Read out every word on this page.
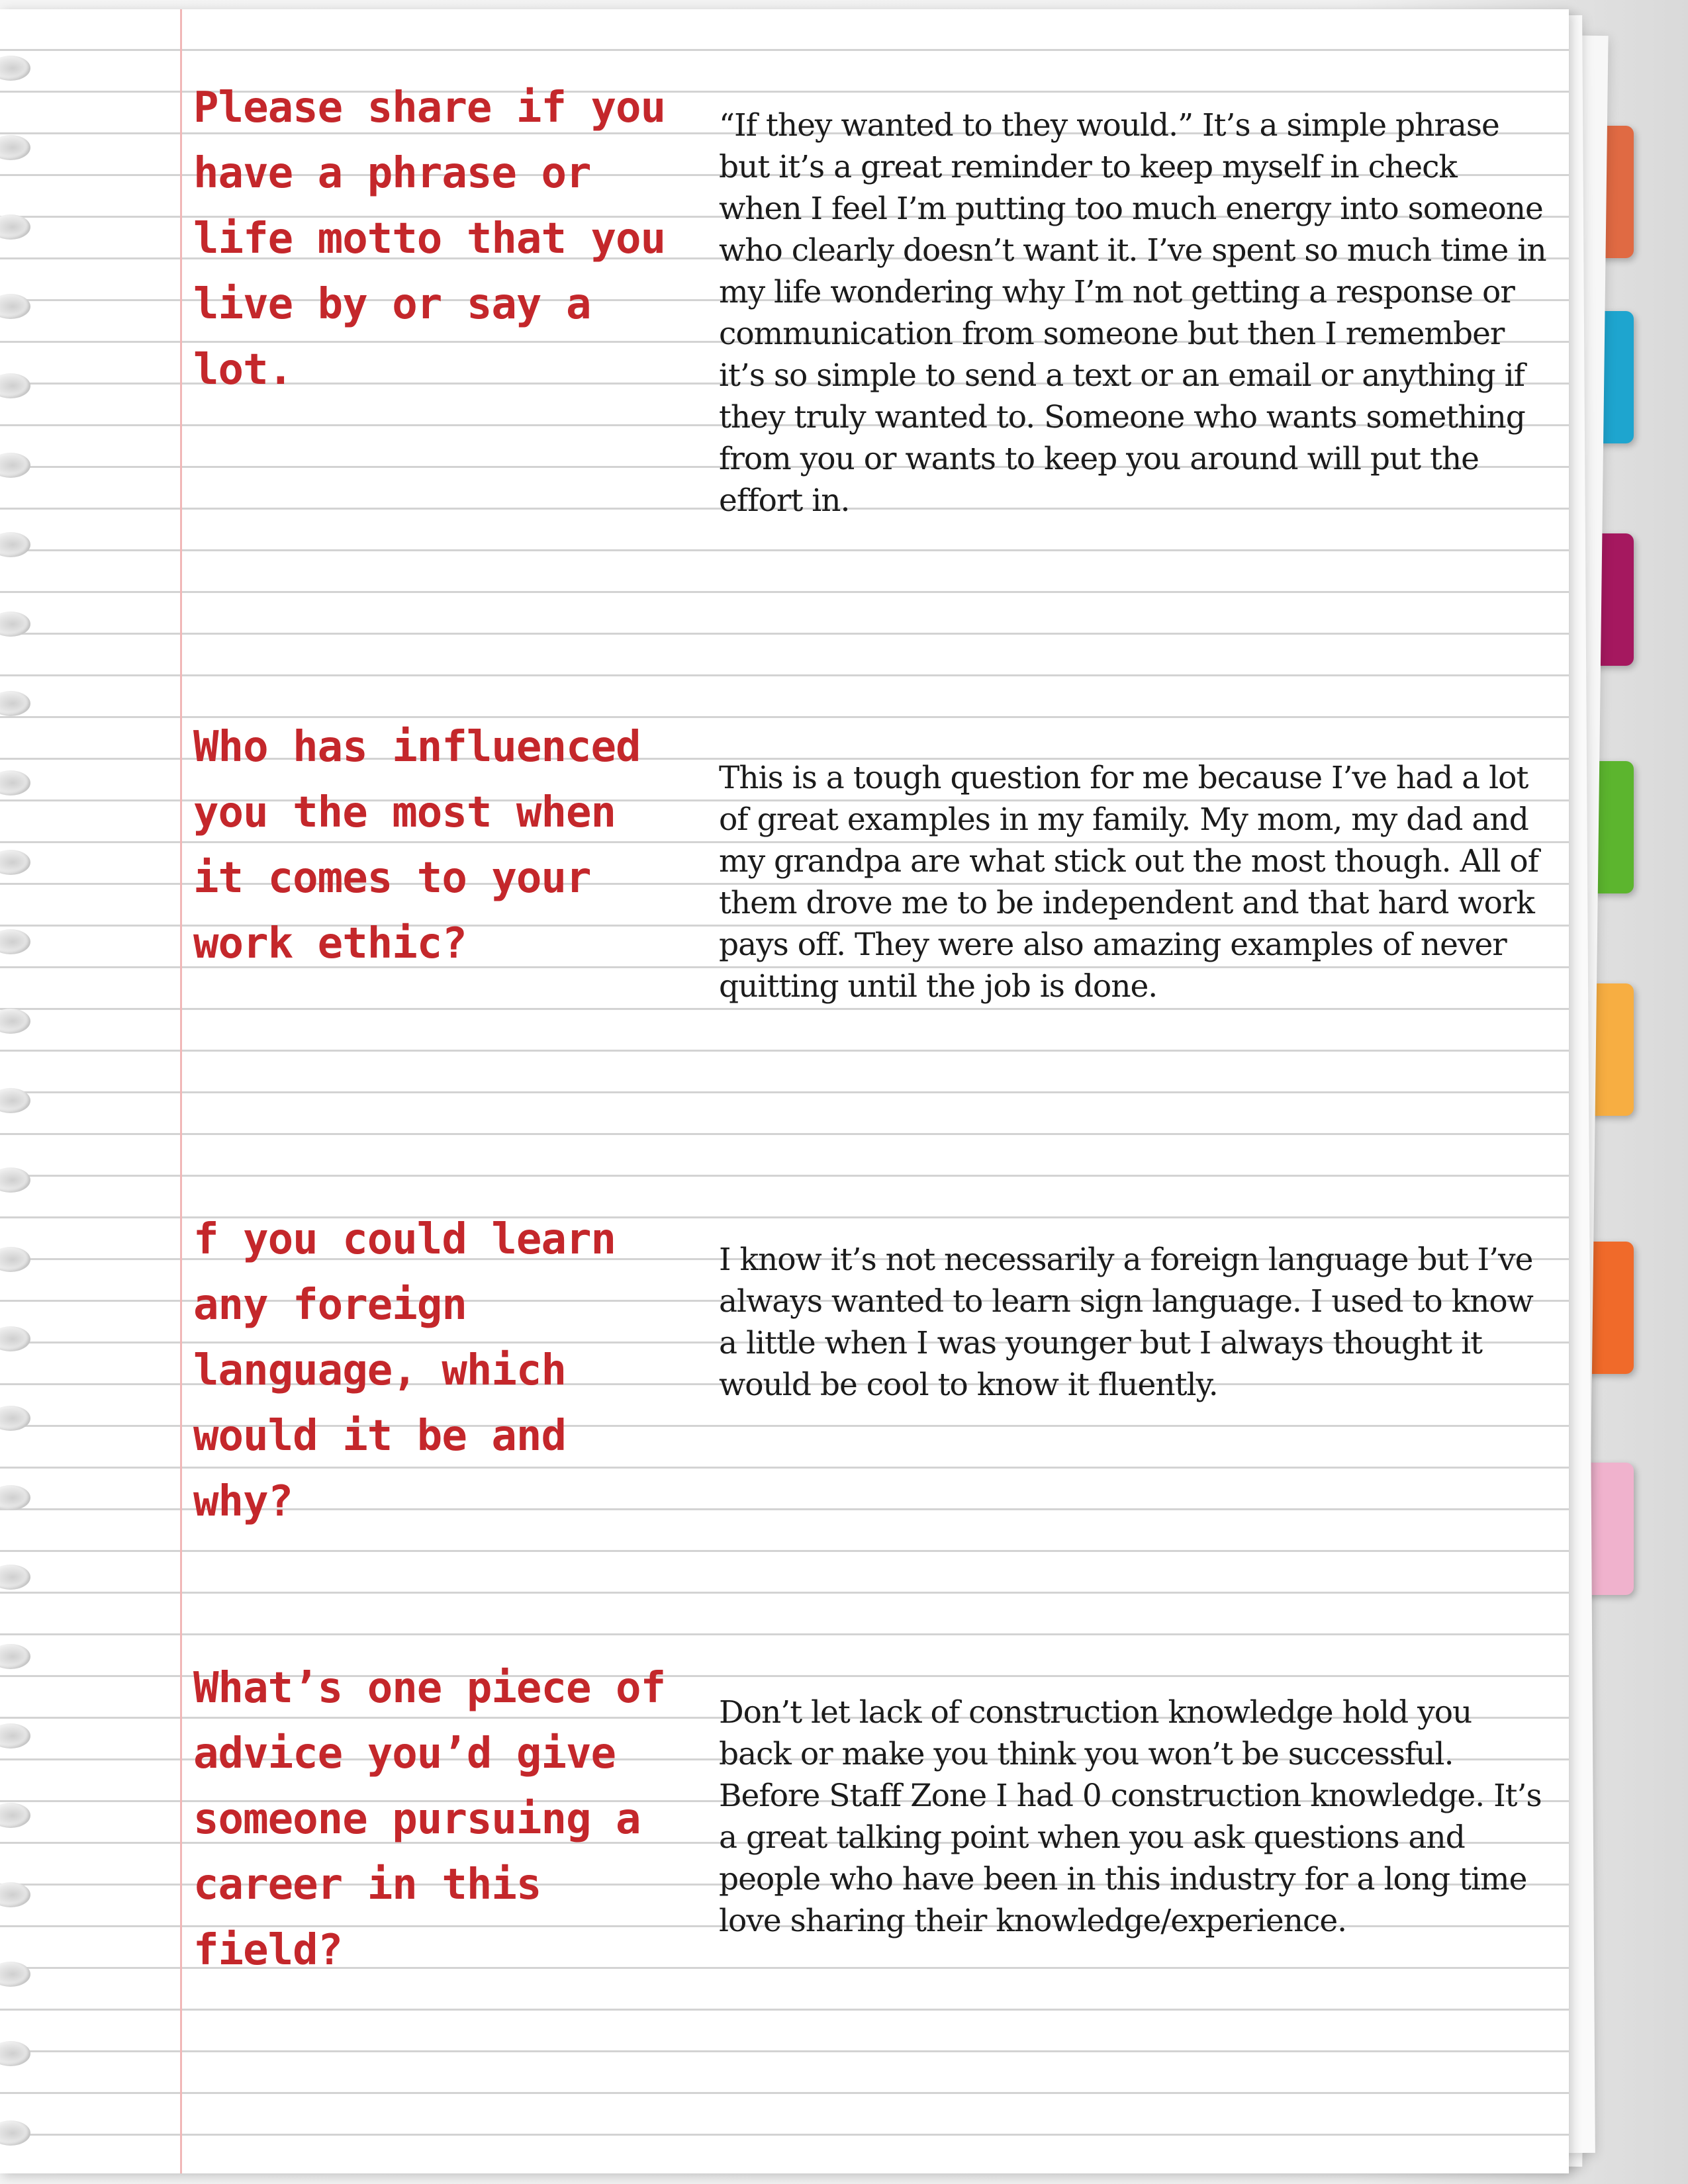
Please share if you have a phrase or life motto that you live by or say a lot.
“If they wanted to they would.” It’s a simple phrase but it’s a great reminder to keep myself in check when I feel I’m putting too much energy into someone who clearly doesn’t want it. I’ve spent so much time in my life wondering why I’m not getting a response or communication from someone but then I remember it’s so simple to send a text or an email or anything if they truly wanted to. Someone who wants something from you or wants to keep you around will put the effort in.
Who has influenced you the most when it comes to your work ethic?
This is a tough question for me because I’ve had a lot of great examples in my family. My mom, my dad and my grandpa are what stick out the most though. All of them drove me to be independent and that hard work pays off. They were also amazing examples of never quitting until the job is done.
f you could learn any foreign language, which would it be and why?
I know it’s not necessarily a foreign language but I’ve always wanted to learn sign language. I used to know a little when I was younger but I always thought it would be cool to know it fluently.
What’s one piece of advice you’d give someone pursuing a career in this field?
Don’t let lack of construction knowledge hold you back or make you think you won’t be successful. Before Staff Zone I had 0 construction knowledge. It’s a great talking point when you ask questions and people who have been in this industry for a long time love sharing their knowledge/experience.
